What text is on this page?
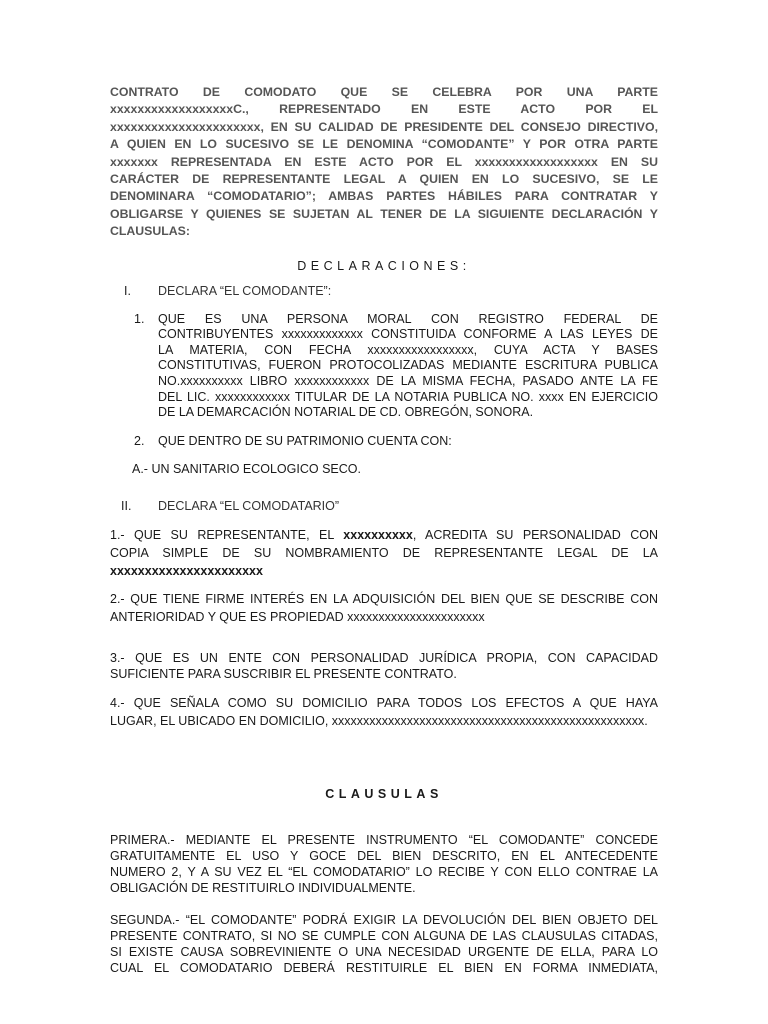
CONTRATO DE COMODATO QUE SE CELEBRA POR UNA PARTE

xxxxxxxxxxxxxxxxxxC., REPRESENTADO EN ESTE ACTO POR EL

xxxxxxxxxxxxxxxxxxxxxx, EN SU CALIDAD DE PRESIDENTE DEL CONSEJO DIRECTIVO,

A QUIEN EN LO SUCESIVO SE LE DENOMINA “COMODANTE” Y POR OTRA PARTE

xxxxxxx REPRESENTADA EN ESTE ACTO POR EL xxxxxxxxxxxxxxxxxx EN SU

CARÁCTER DE REPRESENTANTE LEGAL A QUIEN EN LO SUCESIVO, SE LE

DENOMINARA “COMODATARIO”; AMBAS PARTES HÁBILES PARA CONTRATAR Y

OBLIGARSE Y QUIENES SE SUJETAN AL TENER DE LA SIGUIENTE DECLARACIÓN Y

CLAUSULAS:

DECLARACIONES:

I.	DECLARA “EL COMODANTE”:
1.	QUE ES UNA PERSONA MORAL CON REGISTRO FEDERAL DE
CONTRIBUYENTES xxxxxxxxxxxxx CONSTITUIDA CONFORME A LAS LEYES DE
LA MATERIA, CON FECHA xxxxxxxxxxxxxxxxx, CUYA ACTA Y BASES
CONSTITUTIVAS, FUERON PROTOCOLIZADAS MEDIANTE ESCRITURA PUBLICA
NO.xxxxxxxxxx LIBRO xxxxxxxxxxxx DE LA MISMA FECHA, PASADO ANTE LA FE
DEL LIC. xxxxxxxxxxxx TITULAR DE LA NOTARIA PUBLICA NO. xxxx EN EJERCICIO
DE LA DEMARCACIÓN NOTARIAL DE CD. OBREGÓN, SONORA.
2.	QUE DENTRO DE SU PATRIMONIO CUENTA CON:

A.- UN SANITARIO ECOLOGICO SECO.

II.	DECLARA “EL COMODATARIO”
1.- QUE SU REPRESENTANTE, EL xxxxxxxxxx, ACREDITA SU PERSONALIDAD CON
COPIA SIMPLE DE SU NOMBRAMIENTO DE REPRESENTANTE LEGAL DE LA
xxxxxxxxxxxxxxxxxxxxxx
2.- QUE TIENE FIRME INTERÉS EN LA ADQUISICIÓN DEL BIEN QUE SE DESCRIBE CON
ANTERIORIDAD Y QUE ES PROPIEDAD xxxxxxxxxxxxxxxxxxxxxx
3.- QUE ES UN ENTE CON PERSONALIDAD JURÍDICA PROPIA, CON CAPACIDAD
SUFICIENTE PARA SUSCRIBIR EL PRESENTE CONTRATO.
4.- QUE SEÑALA COMO SU DOMICILIO PARA TODOS LOS EFECTOS A QUE HAYA
LUGAR, EL UBICADO EN DOMICILIO, xxxxxxxxxxxxxxxxxxxxxxxxxxxxxxxxxxxxxxxxxxxxxxxxxx.

CLAUSULAS

PRIMERA.- MEDIANTE EL PRESENTE INSTRUMENTO “EL COMODANTE” CONCEDE
GRATUITAMENTE EL USO Y GOCE DEL BIEN DESCRITO, EN EL ANTECEDENTE
NUMERO 2, Y A SU VEZ EL “EL COMODATARIO” LO RECIBE Y CON ELLO CONTRAE LA
OBLIGACIÓN DE RESTITUIRLO INDIVIDUALMENTE.
SEGUNDA.- “EL COMODANTE” PODRÁ EXIGIR LA DEVOLUCIÓN DEL BIEN OBJETO DEL
PRESENTE CONTRATO, SI NO SE CUMPLE CON ALGUNA DE LAS CLAUSULAS CITADAS,
SI EXISTE CAUSA SOBREVINIENTE O UNA NECESIDAD URGENTE DE ELLA, PARA LO
CUAL EL COMODATARIO DEBERÁ RESTITUIRLE EL BIEN EN FORMA INMEDIATA,
